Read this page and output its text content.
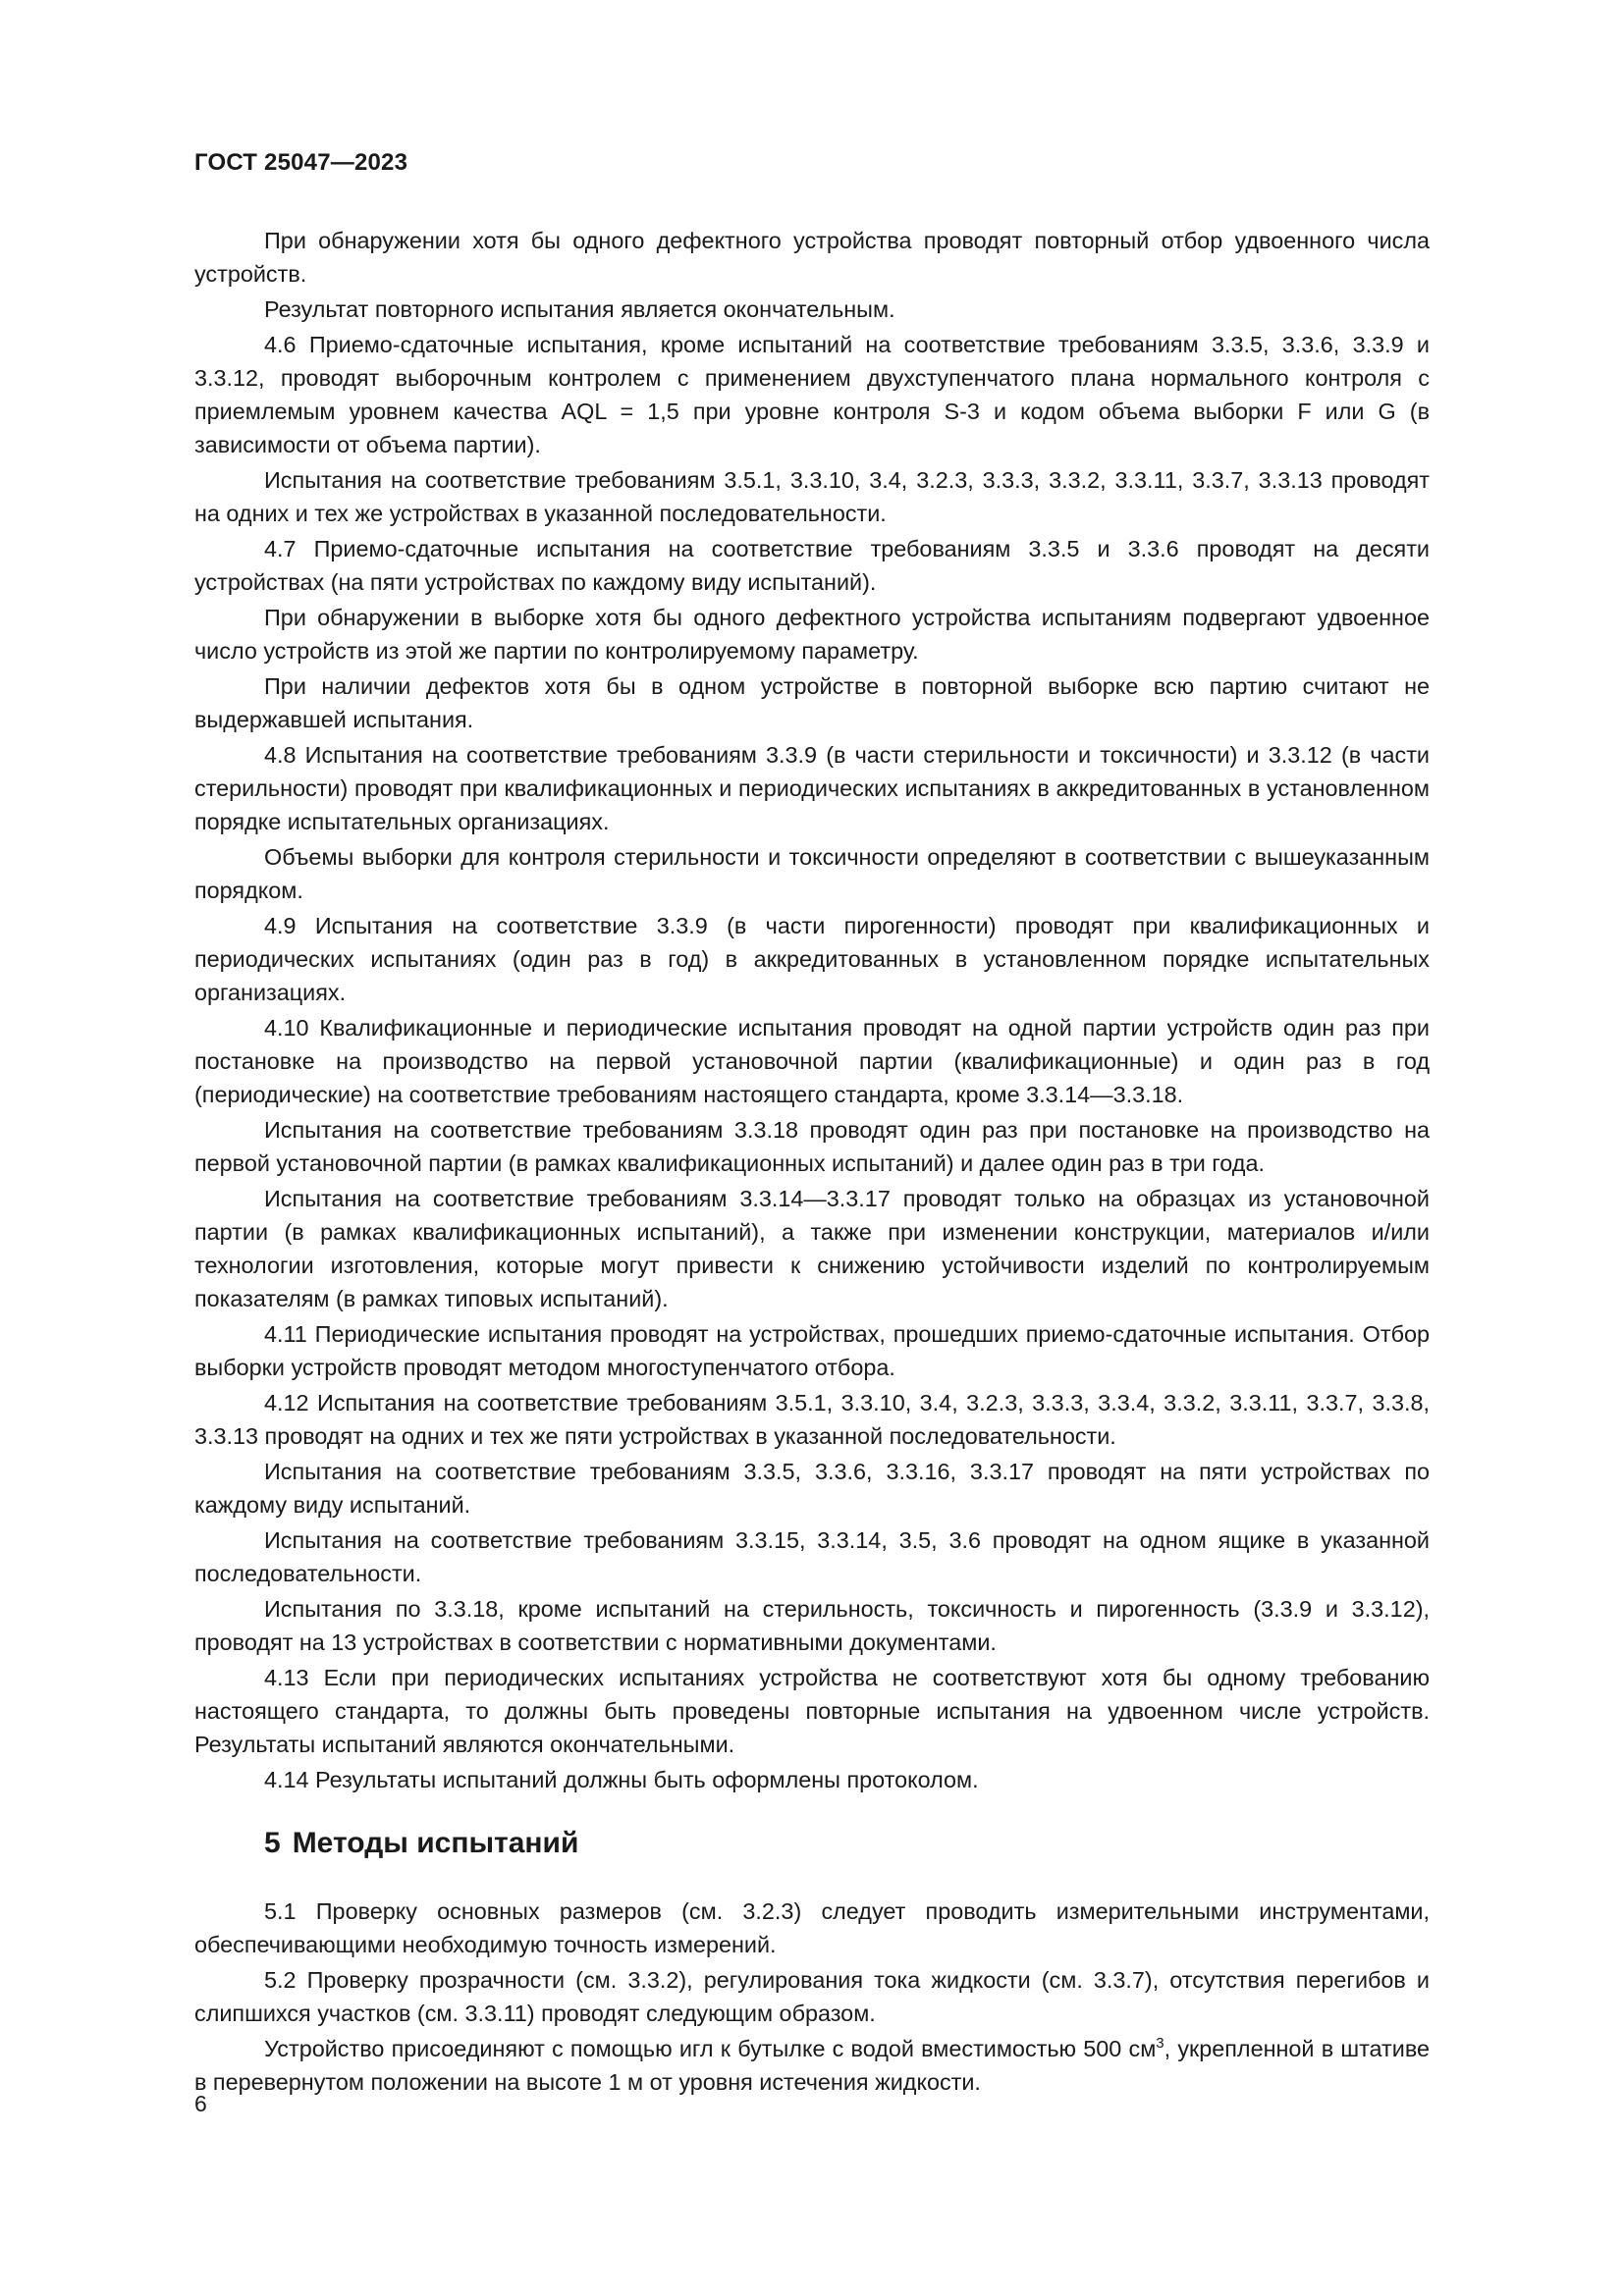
ГОСТ 25047—2023

При обнаружении хотя бы одного дефектного устройства проводят повторный отбор удвоенного числа устройств.

Результат повторного испытания является окончательным.

4.6 Приемо-сдаточные испытания, кроме испытаний на соответствие требованиям 3.3.5, 3.3.6, 3.3.9 и 3.3.12, проводят выборочным контролем с применением двухступенчатого плана нормального контроля с приемлемым уровнем качества AQL = 1,5 при уровне контроля S-3 и кодом объема выборки F или G (в зависимости от объема партии).

Испытания на соответствие требованиям 3.5.1, 3.3.10, 3.4, 3.2.3, 3.3.3, 3.3.2, 3.3.11, 3.3.7, 3.3.13 проводят на одних и тех же устройствах в указанной последовательности.

4.7 Приемо-сдаточные испытания на соответствие требованиям 3.3.5 и 3.3.6 проводят на десяти устройствах (на пяти устройствах по каждому виду испытаний).

При обнаружении в выборке хотя бы одного дефектного устройства испытаниям подвергают удвоенное число устройств из этой же партии по контролируемому параметру.

При наличии дефектов хотя бы в одном устройстве в повторной выборке всю партию считают не выдержавшей испытания.

4.8 Испытания на соответствие требованиям 3.3.9 (в части стерильности и токсичности) и 3.3.12 (в части стерильности) проводят при квалификационных и периодических испытаниях в аккредитованных в установленном порядке испытательных организациях.

Объемы выборки для контроля стерильности и токсичности определяют в соответствии с вышеуказанным порядком.

4.9 Испытания на соответствие 3.3.9 (в части пирогенности) проводят при квалификационных и периодических испытаниях (один раз в год) в аккредитованных в установленном порядке испытательных организациях.

4.10 Квалификационные и периодические испытания проводят на одной партии устройств один раз при постановке на производство на первой установочной партии (квалификационные) и один раз в год (периодические) на соответствие требованиям настоящего стандарта, кроме 3.3.14—3.3.18.

Испытания на соответствие требованиям 3.3.18 проводят один раз при постановке на производство на первой установочной партии (в рамках квалификационных испытаний) и далее один раз в три года.

Испытания на соответствие требованиям 3.3.14—3.3.17 проводят только на образцах из установочной партии (в рамках квалификационных испытаний), а также при изменении конструкции, материалов и/или технологии изготовления, которые могут привести к снижению устойчивости изделий по контролируемым показателям (в рамках типовых испытаний).

4.11 Периодические испытания проводят на устройствах, прошедших приемо-сдаточные испытания. Отбор выборки устройств проводят методом многоступенчатого отбора.

4.12 Испытания на соответствие требованиям 3.5.1, 3.3.10, 3.4, 3.2.3, 3.3.3, 3.3.4, 3.3.2, 3.3.11, 3.3.7, 3.3.8, 3.3.13 проводят на одних и тех же пяти устройствах в указанной последовательности.

Испытания на соответствие требованиям 3.3.5, 3.3.6, 3.3.16, 3.3.17 проводят на пяти устройствах по каждому виду испытаний.

Испытания на соответствие требованиям 3.3.15, 3.3.14, 3.5, 3.6 проводят на одном ящике в указанной последовательности.

Испытания по 3.3.18, кроме испытаний на стерильность, токсичность и пирогенность (3.3.9 и 3.3.12), проводят на 13 устройствах в соответствии с нормативными документами.

4.13 Если при периодических испытаниях устройства не соответствуют хотя бы одному требованию настоящего стандарта, то должны быть проведены повторные испытания на удвоенном числе устройств. Результаты испытаний являются окончательными.

4.14 Результаты испытаний должны быть оформлены протоколом.

5 Методы испытаний

5.1 Проверку основных размеров (см. 3.2.3) следует проводить измерительными инструментами, обеспечивающими необходимую точность измерений.

5.2 Проверку прозрачности (см. 3.3.2), регулирования тока жидкости (см. 3.3.7), отсутствия перегибов и слипшихся участков (см. 3.3.11) проводят следующим образом.

Устройство присоединяют с помощью игл к бутылке с водой вместимостью 500 $см^3$, укрепленной в штативе в перевернутом положении на высоте 1 м от уровня истечения жидкости.

6
